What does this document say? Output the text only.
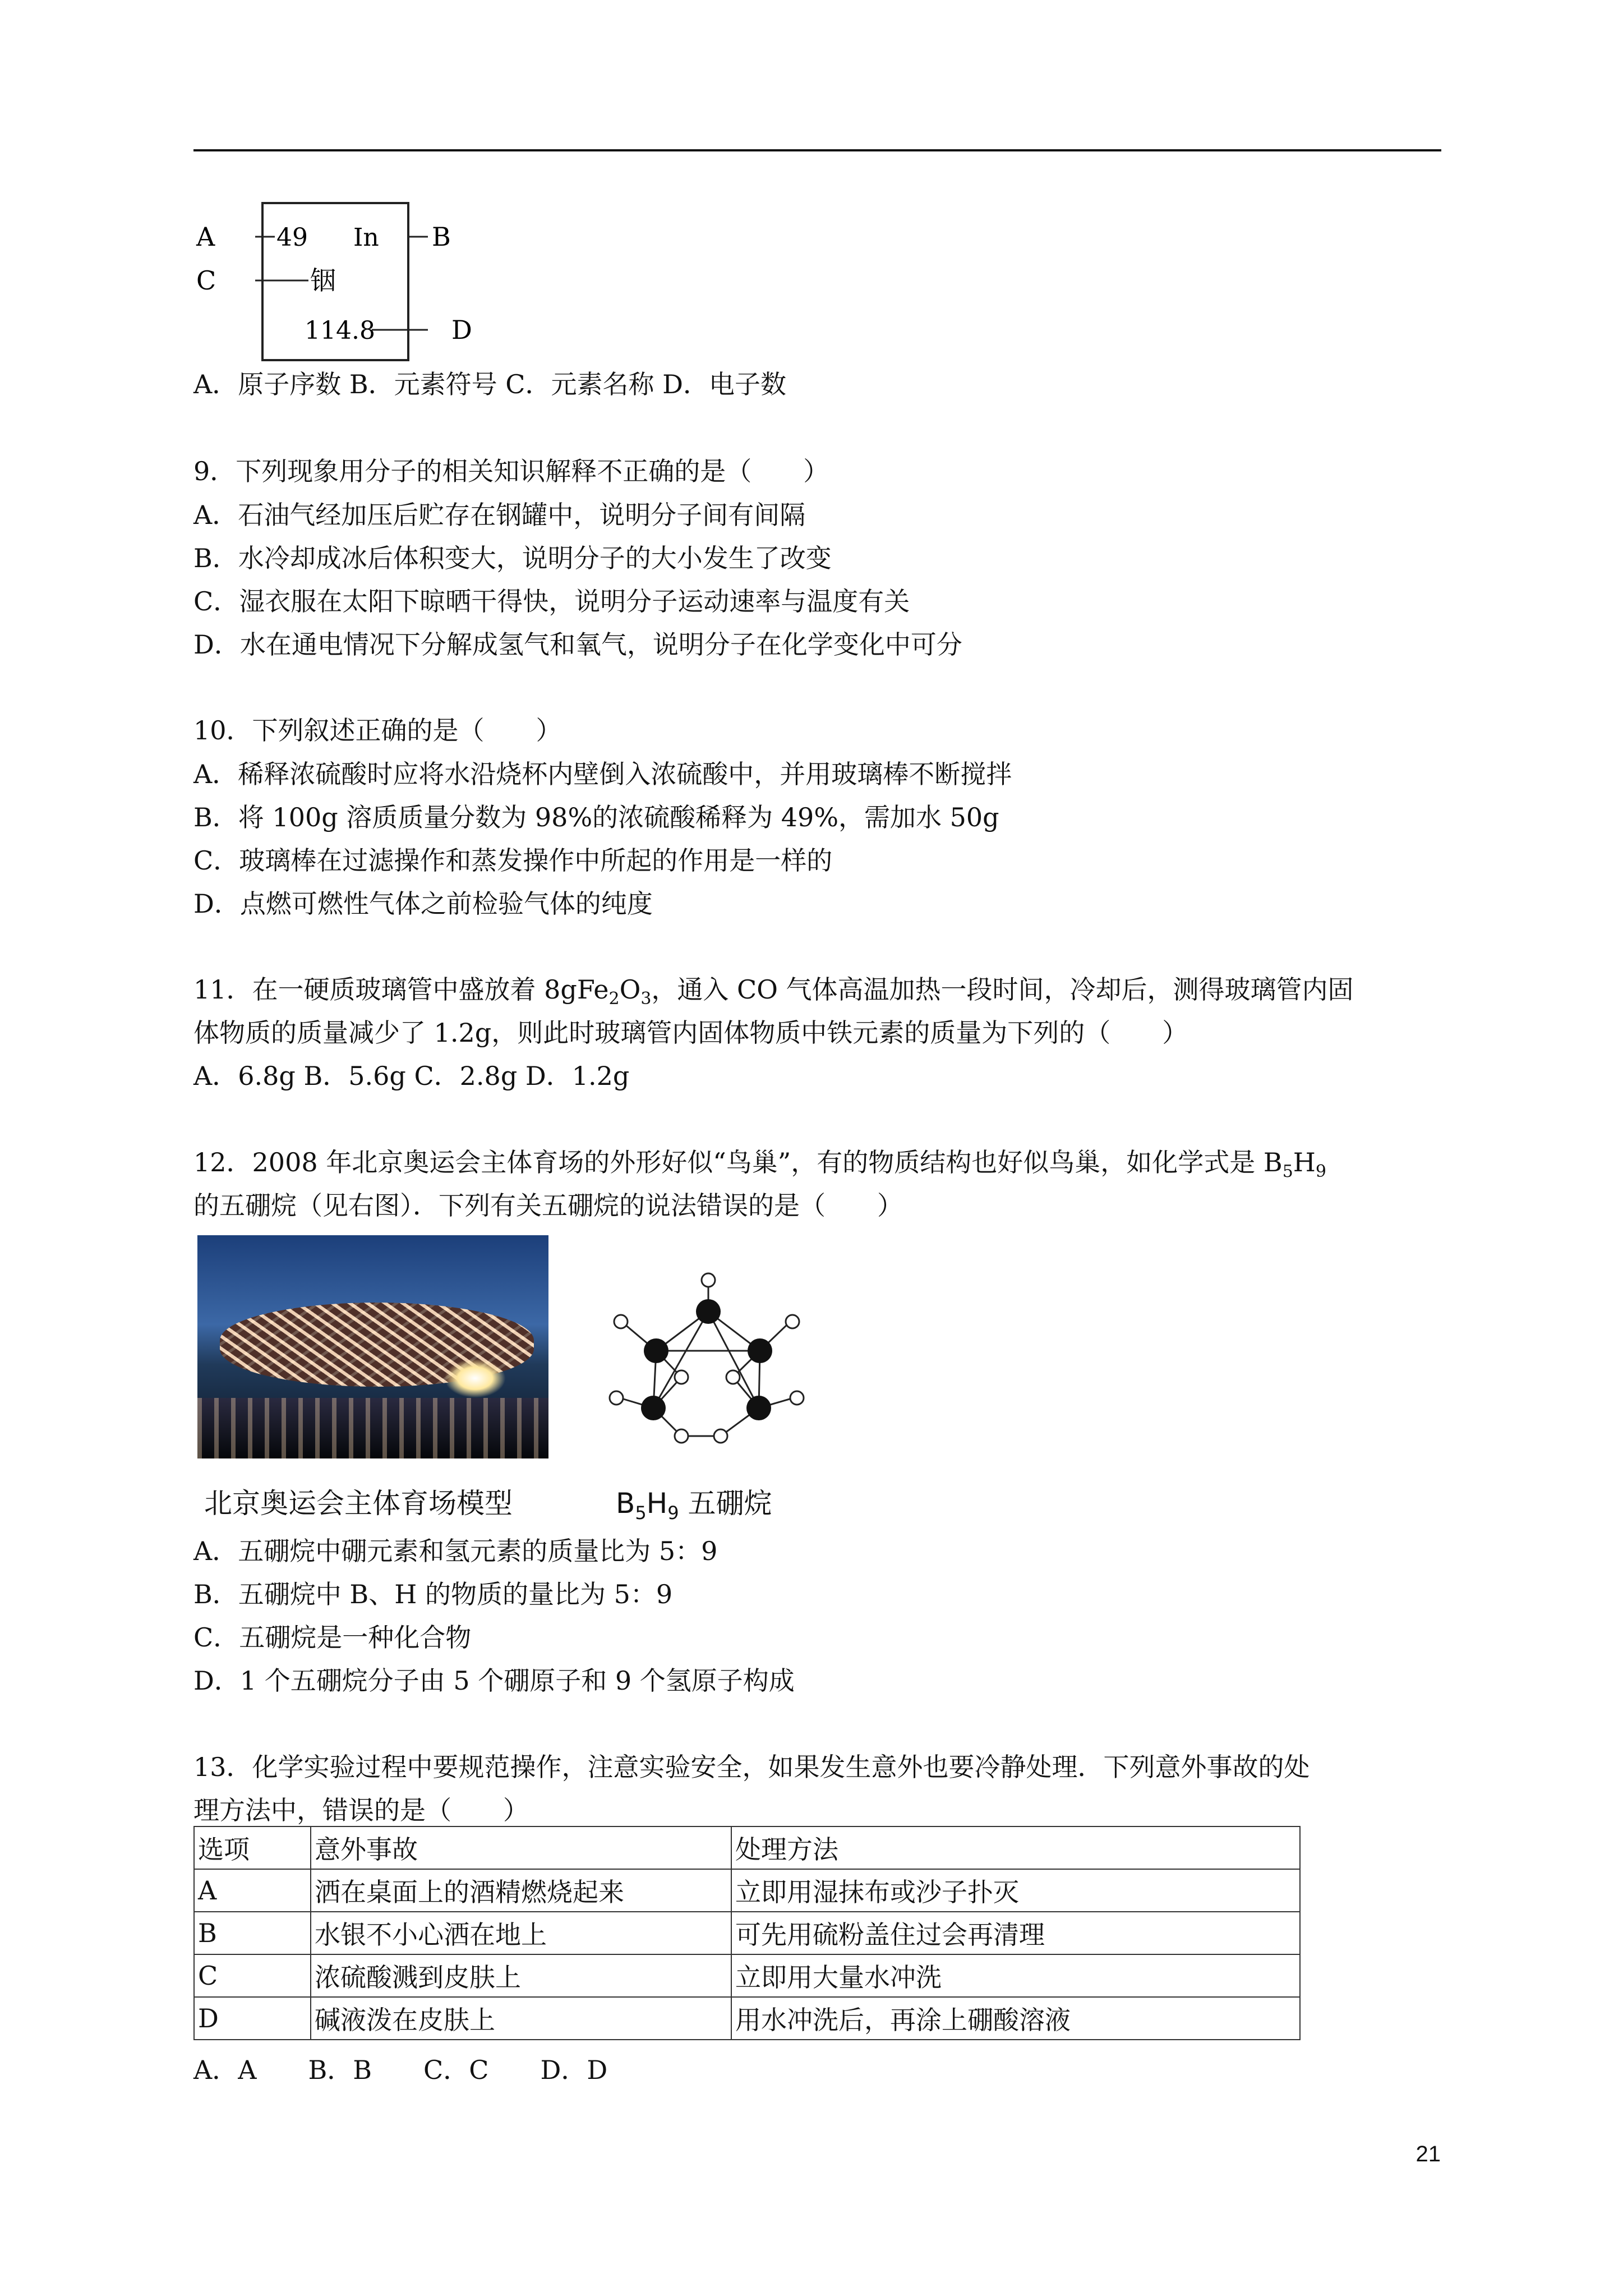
A
C
B
D
49 In
铟
114.8
A．原子序数 B．元素符号 C．元素名称 D．电子数
9．下列现象用分子的相关知识解释不正确的是（　　）
A．石油气经加压后贮存在钢罐中，说明分子间有间隔
B．水冷却成冰后体积变大，说明分子的大小发生了改变
C．湿衣服在太阳下晾晒干得快，说明分子运动速率与温度有关
D．水在通电情况下分解成氢气和氧气，说明分子在化学变化中可分
10．下列叙述正确的是（　　）
A．稀释浓硫酸时应将水沿烧杯内壁倒入浓硫酸中，并用玻璃棒不断搅拌
B．将 100g 溶质质量分数为 98%的浓硫酸稀释为 49%，需加水 50g
C．玻璃棒在过滤操作和蒸发操作中所起的作用是一样的
D．点燃可燃性气体之前检验气体的纯度
11．在一硬质玻璃管中盛放着 $8gFe_2O_3$，通入 CO 气体高温加热一段时间，冷却后，测得玻璃管内固
体物质的质量减少了 1.2g，则此时玻璃管内固体物质中铁元素的质量为下列的（　　）
A．6.8g B．5.6g C．2.8g D．1.2g
12．2008 年北京奥运会主体育场的外形好似“鸟巢”，有的物质结构也好似鸟巢，如化学式是 $B_5H_9$
的五硼烷（见右图）．下列有关五硼烷的说法错误的是（　　）
北京奥运会主体育场模型	$B_5H_9$ 五硼烷
A．五硼烷中硼元素和氢元素的质量比为 5：9
B．五硼烷中 B、H 的物质的量比为 5：9
C．五硼烷是一种化合物
D．1 个五硼烷分子由 5 个硼原子和 9 个氢原子构成
13．化学实验过程中要规范操作，注意实验安全，如果发生意外也要冷静处理．下列意外事故的处
理方法中，错误的是（　　）
选项	意外事故	处理方法
A	洒在桌面上的酒精燃烧起来	立即用湿抹布或沙子扑灭
B	水银不小心洒在地上	可先用硫粉盖住过会再清理
C	浓硫酸溅到皮肤上	立即用大量水冲洗
D	碱液泼在皮肤上	用水冲洗后，再涂上硼酸溶液
A．A　　B．B　　C．C　　D．D
21
